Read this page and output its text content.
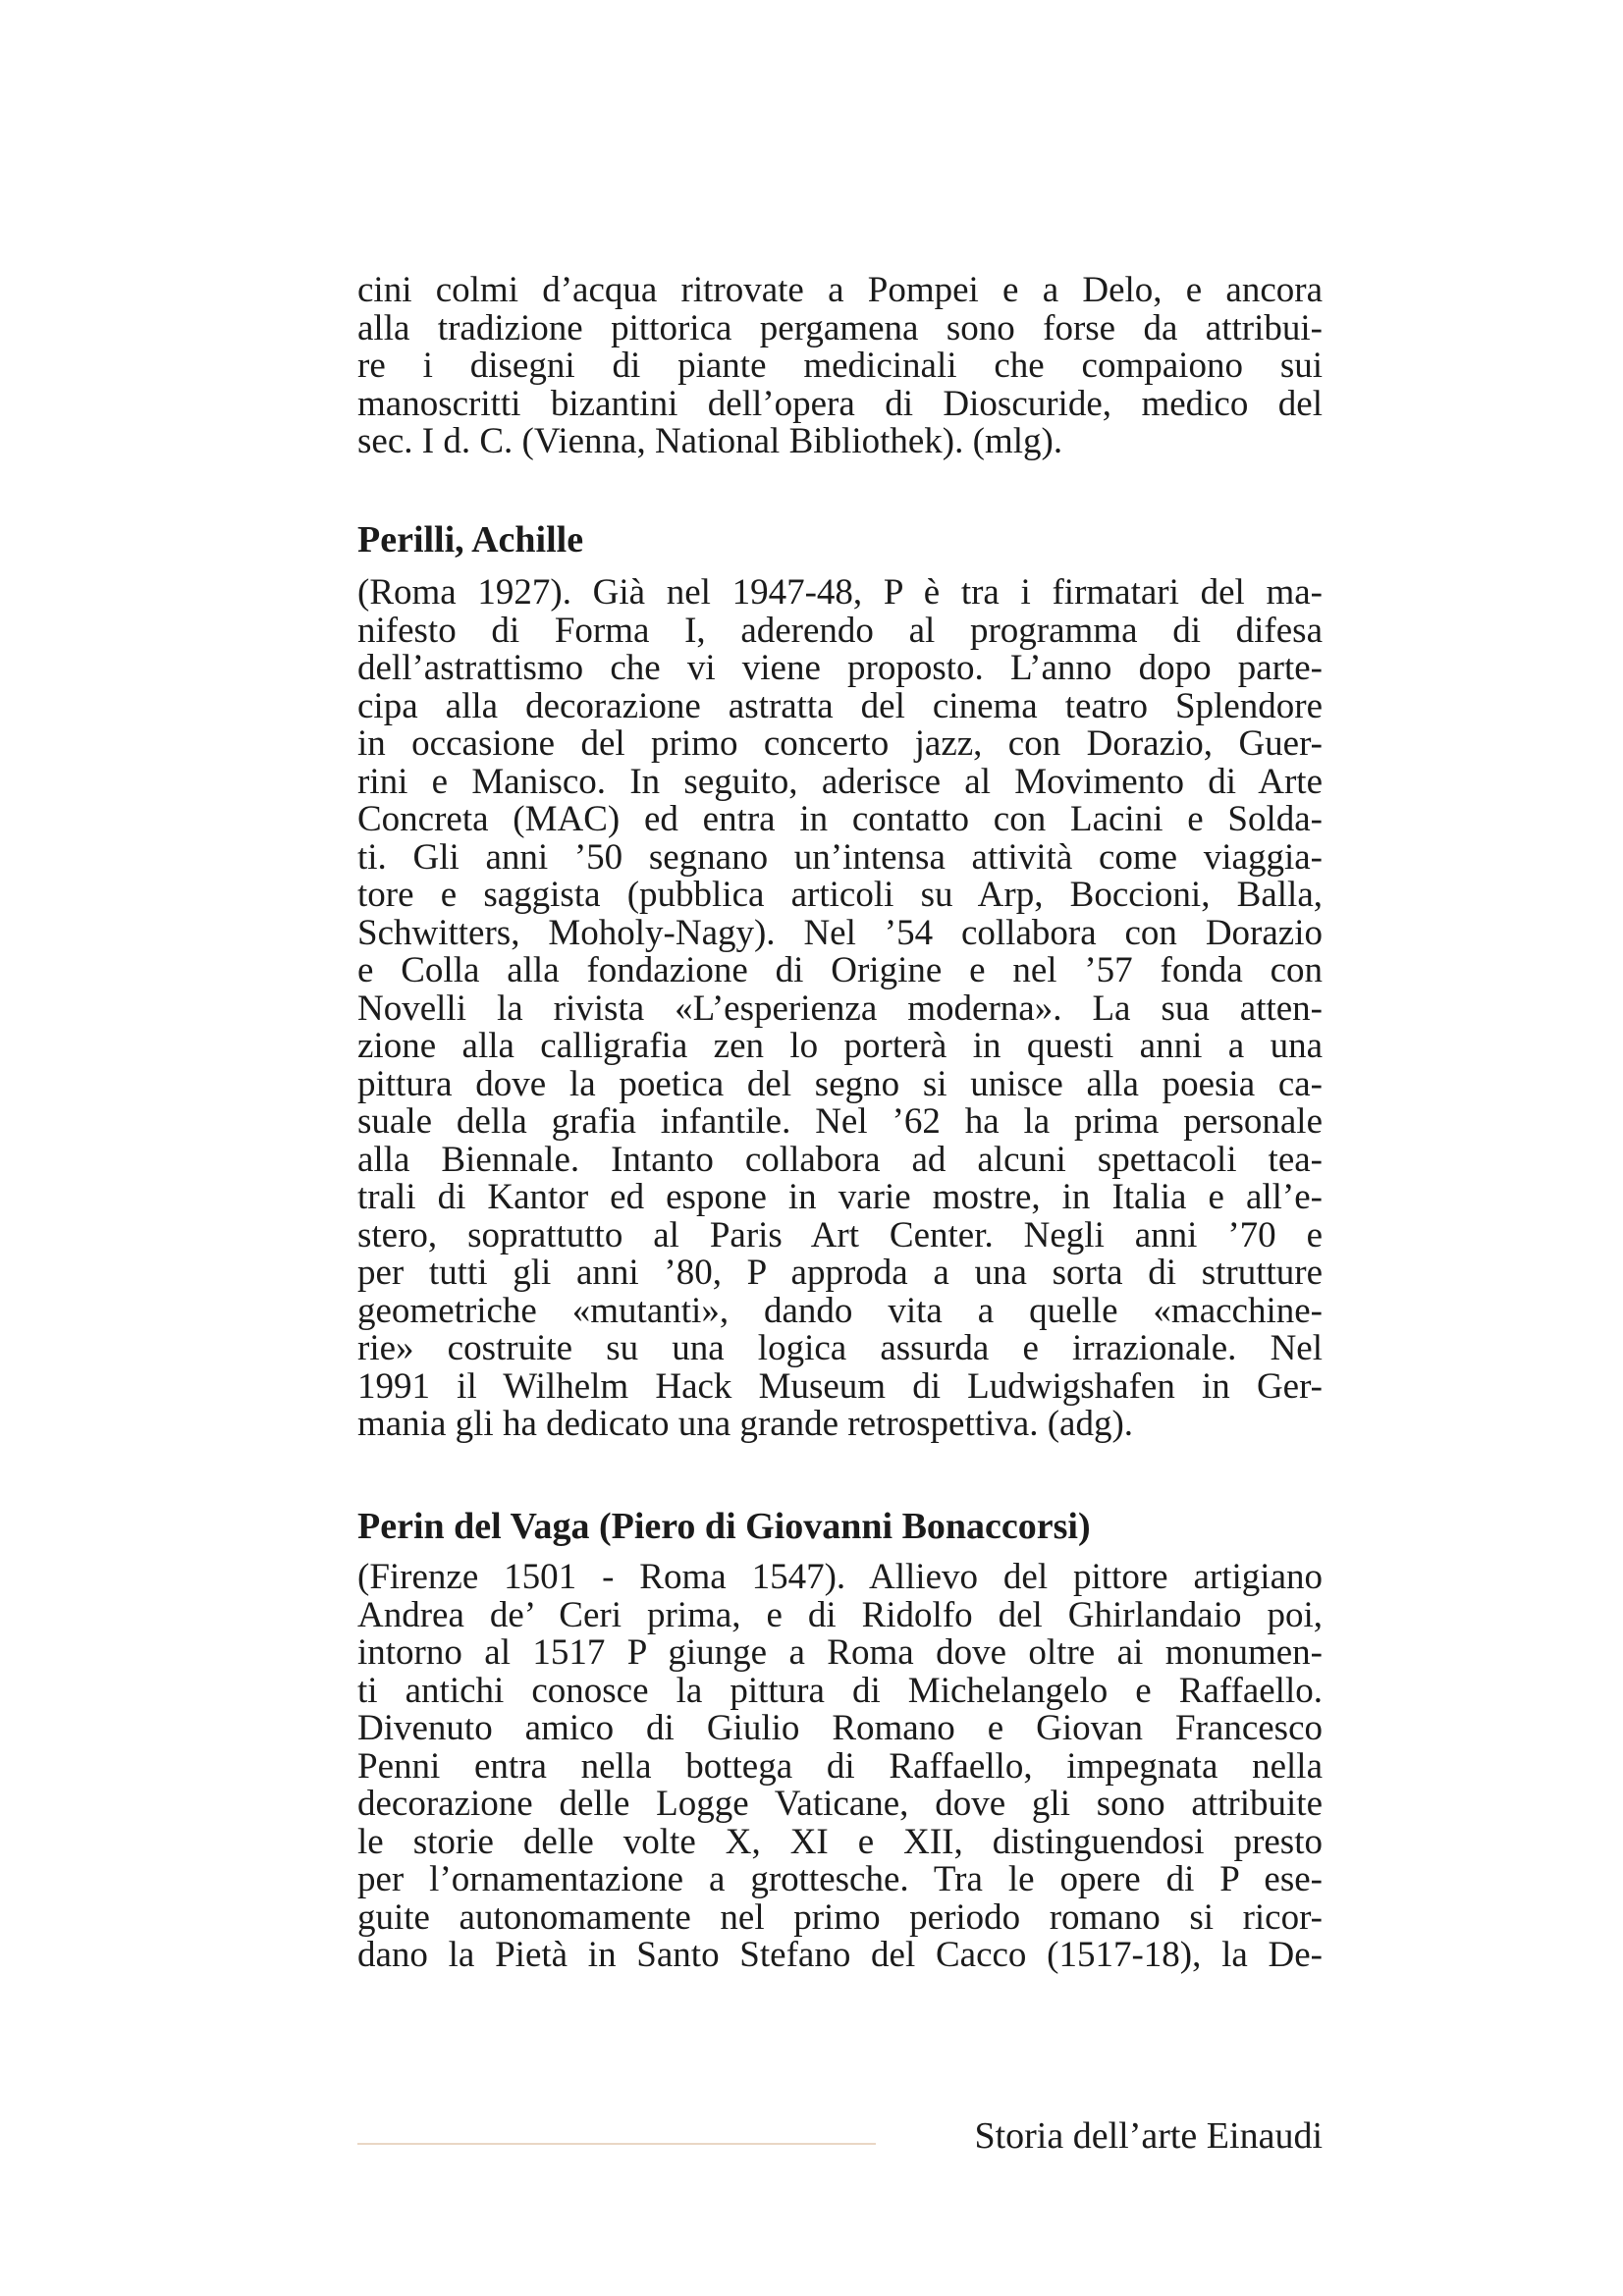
cini colmi d’acqua ritrovate a Pompei e a Delo, e ancora
alla tradizione pittorica pergamena sono forse da attribui-
re i disegni di piante medicinali che compaiono sui
manoscritti bizantini dell’opera di Dioscuride, medico del
sec. I d. C. (Vienna, National Bibliothek). (mlg).
Perilli, Achille
(Roma 1927). Già nel 1947-48, P è tra i firmatari del ma-
nifesto di Forma I, aderendo al programma di difesa
dell’astrattismo che vi viene proposto. L’anno dopo parte-
cipa alla decorazione astratta del cinema teatro Splendore
in occasione del primo concerto jazz, con Dorazio, Guer-
rini e Manisco. In seguito, aderisce al Movimento di Arte
Concreta (MAC) ed entra in contatto con Lacini e Solda-
ti. Gli anni ’50 segnano un’intensa attività come viaggia-
tore e saggista (pubblica articoli su Arp, Boccioni, Balla,
Schwitters, Moholy-Nagy). Nel ’54 collabora con Dorazio
e Colla alla fondazione di Origine e nel ’57 fonda con
Novelli la rivista «L’esperienza moderna». La sua atten-
zione alla calligrafia zen lo porterà in questi anni a una
pittura dove la poetica del segno si unisce alla poesia ca-
suale della grafia infantile. Nel ’62 ha la prima personale
alla Biennale. Intanto collabora ad alcuni spettacoli tea-
trali di Kantor ed espone in varie mostre, in Italia e all’e-
stero, soprattutto al Paris Art Center. Negli anni ’70 e
per tutti gli anni ’80, P approda a una sorta di strutture
geometriche «mutanti», dando vita a quelle «macchine-
rie» costruite su una logica assurda e irrazionale. Nel
1991 il Wilhelm Hack Museum di Ludwigshafen in Ger-
mania gli ha dedicato una grande retrospettiva. (adg).
Perin del Vaga (Piero di Giovanni Bonaccorsi)
(Firenze 1501 - Roma 1547). Allievo del pittore artigiano
Andrea de’ Ceri prima, e di Ridolfo del Ghirlandaio poi,
intorno al 1517 P giunge a Roma dove oltre ai monumen-
ti antichi conosce la pittura di Michelangelo e Raffaello.
Divenuto amico di Giulio Romano e Giovan Francesco
Penni entra nella bottega di Raffaello, impegnata nella
decorazione delle Logge Vaticane, dove gli sono attribuite
le storie delle volte X, XI e XII, distinguendosi presto
per l’ornamentazione a grottesche. Tra le opere di P ese-
guite autonomamente nel primo periodo romano si ricor-
dano la Pietà in Santo Stefano del Cacco (1517-18), la De-
Storia dell’arte Einaudi
